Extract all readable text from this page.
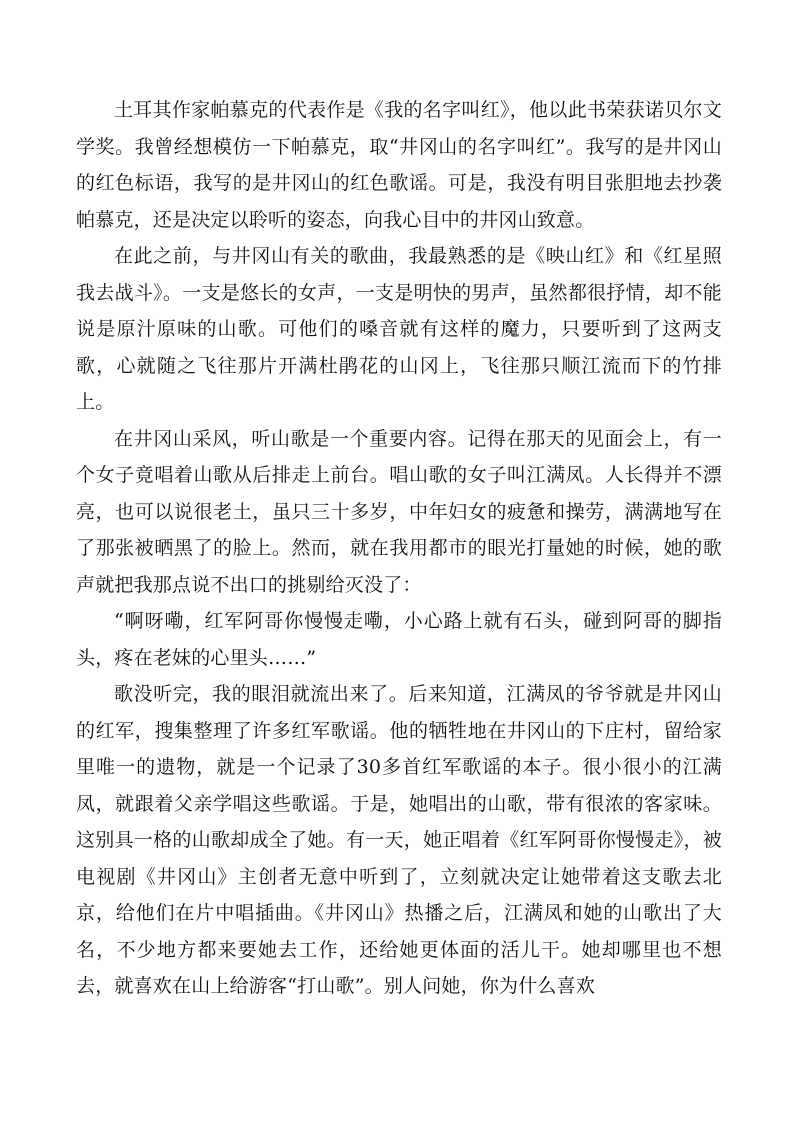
土耳其作家帕慕克的代表作是《我的名字叫红》，他以此书荣获诺贝尔文学奖。我曾经想模仿一下帕慕克，取“井冈山的名字叫红”。我写的是井冈山的红色标语，我写的是井冈山的红色歌谣。可是，我没有明目张胆地去抄袭帕慕克，还是决定以聆听的姿态，向我心目中的井冈山致意。

在此之前，与井冈山有关的歌曲，我最熟悉的是《映山红》和《红星照我去战斗》。一支是悠长的女声，一支是明快的男声，虽然都很抒情，却不能说是原汁原味的山歌。可他们的嗓音就有这样的魔力，只要听到了这两支歌，心就随之飞往那片开满杜鹃花的山冈上，飞往那只顺江流而下的竹排上。

在井冈山采风，听山歌是一个重要内容。记得在那天的见面会上，有一个女子竟唱着山歌从后排走上前台。唱山歌的女子叫江满凤。人长得并不漂亮，也可以说很老土，虽只三十多岁，中年妇女的疲惫和操劳，满满地写在了那张被晒黑了的脸上。然而，就在我用都市的眼光打量她的时候，她的歌声就把我那点说不出口的挑剔给灭没了：

“啊呀嘞，红军阿哥你慢慢走嘞，小心路上就有石头，碰到阿哥的脚指头，疼在老妹的心里头……”

歌没听完，我的眼泪就流出来了。后来知道，江满凤的爷爷就是井冈山的红军，搜集整理了许多红军歌谣。他的牺牲地在井冈山的下庄村，留给家里唯一的遗物，就是一个记录了30多首红军歌谣的本子。很小很小的江满凤，就跟着父亲学唱这些歌谣。于是，她唱出的山歌，带有很浓的客家味。这别具一格的山歌却成全了她。有一天，她正唱着《红军阿哥你慢慢走》，被电视剧《井冈山》主创者无意中听到了，立刻就决定让她带着这支歌去北京，给他们在片中唱插曲。《井冈山》热播之后，江满凤和她的山歌出了大名，不少地方都来要她去工作，还给她更体面的活儿干。她却哪里也不想去，就喜欢在山上给游客“打山歌”。别人问她，你为什么喜欢
